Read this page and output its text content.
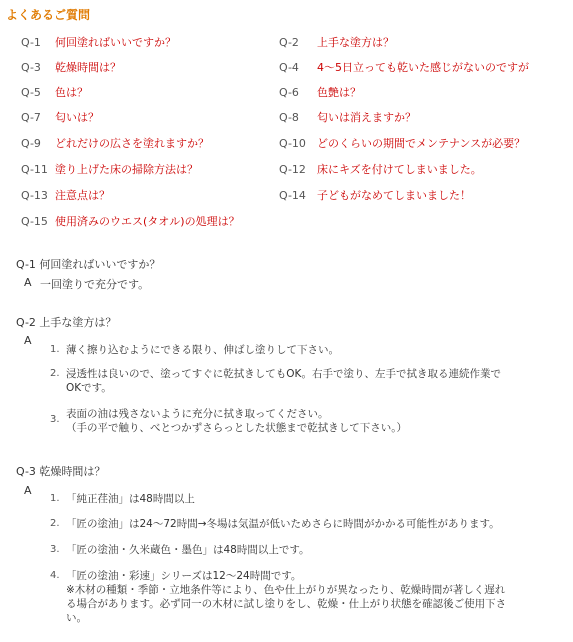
よくあるご質問
Q-1 何回塗ればいいですか？	Q-2 上手な塗方は？
Q-3 乾燥時間は？	Q-4 4～5日立っても乾いた感じがないのですが
Q-5 色は？	Q-6 色艶は？
Q-7 匂いは？	Q-8 匂いは消えますか？
Q-9 どれだけの広さを塗れますか？	Q-10 どのくらいの期間でメンテナンスが必要？
Q-11 塗り上げた床の掃除方法は？	Q-12 床にキズを付けてしまいました。
Q-13 注意点は？	Q-14 子どもがなめてしまいました！
Q-15 使用済みのウエス(タオル)の処理は？
Q-1 何回塗ればいいですか？
A 一回塗りで充分です。
Q-2 上手な塗方は？
A
1. 薄く擦り込むようにできる限り、伸ばし塗りして下さい。
2. 浸透性は良いので、塗ってすぐに乾拭きしてもOK。右手で塗り、左手で拭き取る連続作業で
OKです。
3. 表面の油は残さないように充分に拭き取ってください。
（手の平で触り、べとつかずさらっとした状態まで乾拭きして下さい。）
Q-3 乾燥時間は？
A
1. 「純正荏油」は48時間以上
2. 「匠の塗油」は24～72時間→冬場は気温が低いためさらに時間がかかる可能性があります。
3. 「匠の塗油・久米蔵色・墨色」は48時間以上です。
4. 「匠の塗油・彩速」シリーズは12～24時間です。
※木材の種類・季節・立地条件等により、色や仕上がりが異なったり、乾燥時間が著しく遅れ
る場合があります。必ず同一の木材に試し塗りをし、乾燥・仕上がり状態を確認後ご使用下さ
い。
